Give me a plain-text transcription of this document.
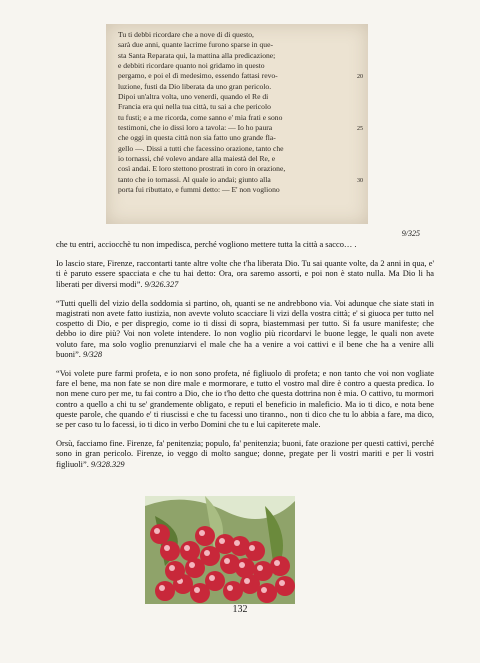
Tu ti debbi ricordare che a nove di di questo,
sarà due anni, quante lacrime furono sparse in que-
sta Santa Reparata qui, la mattina alla predicazione;
e debbiti ricordare quanto noi gridamo in questo
pergamo, e poi el dì medesimo, essendo fattasi revo-	20
luzione, fusti da Dio liberata da uno gran pericolo.
Dipoi un'altra volta, uno venerdì, quando el Re di
Francia era qui nella tua città, tu sai a che pericolo
tu fusti; e a me ricorda, come sanno e' mia frati e sono
testimoni, che io dissi loro a tavola: — Io ho paura	25
che oggi in questa città non sia fatto uno grande fla-
gello —. Dissi a tutti che facessino orazione, tanto che
io tornassi, ché volevo andare alla maiestà del Re, e
così andai. E loro stettono prostrati in coro in orazione,
tanto che io tornassi. Al quale io andai; giunto alla	30
porta fui ributtato, e fummi detto: — E' non vogliono
9/325

che tu entri, acciocchè tu non impedisca, perché vogliono mettere tutta la città a sacco… .

Io lascio stare, Firenze, raccontarti tante altre volte che t'ha liberata Dio. Tu sai quante volte, da 2 anni in qua, e' ti è paruto essere spacciata e che tu hai detto: Ora, ora saremo assorti, e poi non è stato nulla. Ma Dio li ha liberati per diversi modi”. 9/326.327

“Tutti quelli del vizio della soddomia si partino, oh, quanti se ne andrebbono via. Voi adunque che siate stati in magistrati non avete fatto iustizia, non avevte voluto scacciare li vizi della vostra città; e' si giuoca per tutto nel cospetto di Dio, e per dispregio, come io ti dissi di sopra, biastemmasi per tutto. Si fa usure manifeste; che debbo io dire più? Voi non volete intendere. Io non voglio più ricordarvi le buone legge, le quali non avete voluto fare, ma solo voglio prenunziarvi el male che ha a venire a voi cattivi e il bene che ha a venire alli buoni”. 9/328

“Voi volete pure farmi profeta, e io non sono profeta, né figliuolo di profeta; e non tanto che voi non vogliate fare el bene, ma non fate se non dire male e mormorare, e tutto el vostro mal dire è contro a questa predica. Io non mene curo per me, tu fai contro a Dio, che io t'ho detto che questa dottrina non è mia. O cattivo, tu mormori contro a quello a chi tu se' grandemente obligato, e reputi el beneficio in maleficio. Ma io ti dico, e nota bene queste parole, che quando e' ti riuscissi e che tu facessi uno tiranno., non ti dico che tu lo abbia a fare, ma dico, se per caso tu lo facessi, io ti dico in verbo Domini che tu e lui capiterete male.

Orsù, facciamo fine. Firenze, fa' penitenzia; populo, fa' penitenzia; buoni, fate orazione per questi cattivi, perché sono in gran pericolo. Firenze, io veggo di molto sangue; donne, pregate per li vostri mariti e per li vostri figliuoli”. 9/328.329

132
